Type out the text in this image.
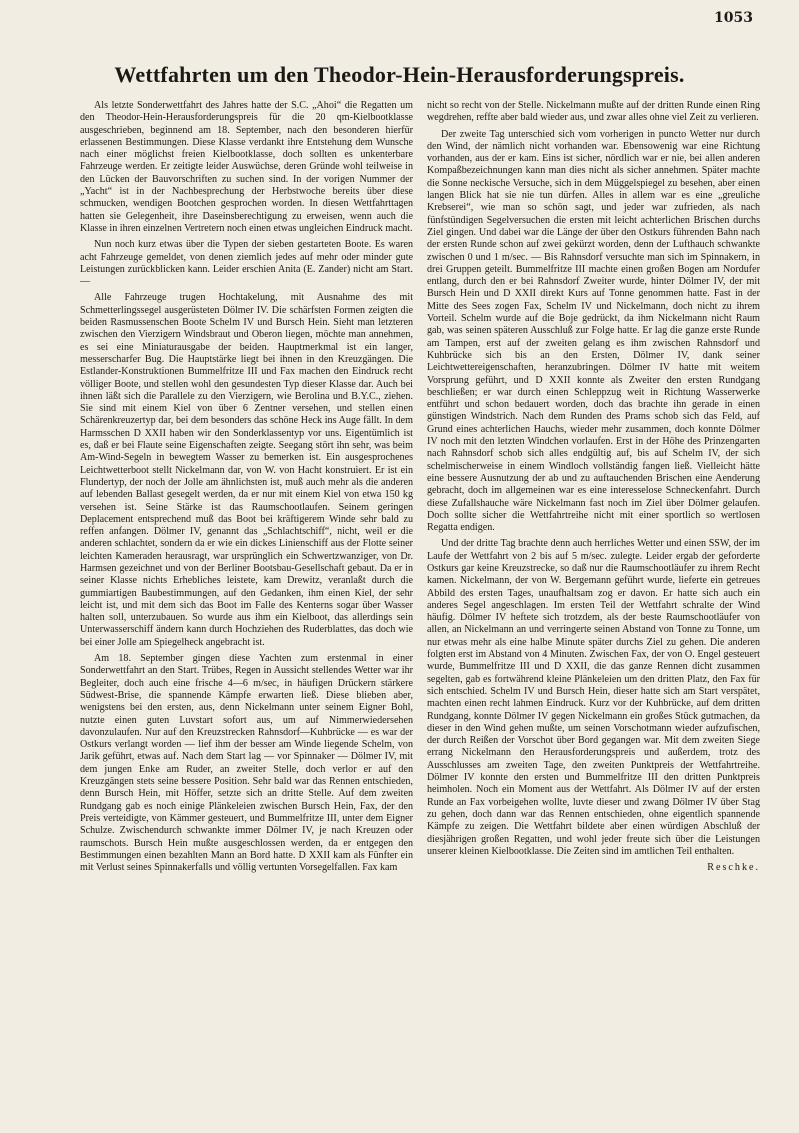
1053
Wettfahrten um den Theodor-Hein-Herausforderungspreis.

Als letzte Sonderwettfahrt des Jahres hatte der S.C. „Ahoi“ die Regatten um den Theodor-Hein-Herausforderungspreis für die 20 qm-Kielbootklasse ausgeschrieben, beginnend am 18. September, nach den besonderen hierfür erlassenen Bestimmungen. Diese Klasse verdankt ihre Entstehung dem Wunsche nach einer möglichst freien Kielbootklasse, doch sollten es unkenterbare Fahrzeuge werden. Er zeitigte leider Auswüchse, deren Gründe wohl teilweise in den Lücken der Bauvorschriften zu suchen sind. In der vorigen Nummer der „Yacht“ ist in der Nachbesprechung der Herbstwoche bereits über diese schmucken, wendigen Bootchen gesprochen worden. In diesen Wettfahrttagen hatten sie Gelegenheit, ihre Daseinsberechtigung zu erweisen, wenn auch die Klasse in ihren einzelnen Vertretern noch einen etwas ungleichen Eindruck macht.

Nun noch kurz etwas über die Typen der sieben gestarteten Boote. Es waren acht Fahrzeuge gemeldet, von denen ziemlich jedes auf mehr oder minder gute Leistungen zurückblicken kann. Leider erschien Anita (E. Zander) nicht am Start. —

Alle Fahrzeuge trugen Hochtakelung, mit Ausnahme des mit Schmetterlingssegel ausgerüsteten Dölmer IV. Die schärfsten Formen zeigten die beiden Rasmussenschen Boote Schelm IV und Bursch Hein. Sieht man letzteren zwischen den Vierzigern Windsbraut und Oberon liegen, möchte man annehmen, es sei eine Miniaturausgabe der beiden. Hauptmerkmal ist ein langer, messerscharfer Bug. Die Hauptstärke liegt bei ihnen in den Kreuzgängen. Die Estlander-Konstruktionen Bummelfritze III und Fax machen den Eindruck recht völliger Boote, und stellen wohl den gesundesten Typ dieser Klasse dar. Auch bei ihnen läßt sich die Parallele zu den Vierzigern, wie Berolina und B.Y.C., ziehen. Sie sind mit einem Kiel von über 6 Zentner versehen, und stellen einen Schärenkreuzertyp dar, bei dem besonders das schöne Heck ins Auge fällt. In dem Harmsschen D XXII haben wir den Sonderklassentyp vor uns. Eigentümlich ist es, daß er bei Flaute seine Eigenschaften zeigte. Seegang stört ihn sehr, was beim Am-Wind-Segeln in bewegtem Wasser zu bemerken ist. Ein ausgesprochenes Leichtwetterboot stellt Nickelmann dar, von W. von Hacht konstruiert. Er ist ein Flundertyp, der noch der Jolle am ähnlichsten ist, muß auch mehr als die anderen auf lebenden Ballast gesegelt werden, da er nur mit einem Kiel von etwa 150 kg versehen ist. Seine Stärke ist das Raumschootlaufen. Seinem geringen Deplacement entsprechend muß das Boot bei kräftigerem Winde sehr bald zu reffen anfangen. Dölmer IV, genannt das „Schlachtschiff“, nicht, weil er die anderen schlachtet, sondern da er wie ein dickes Linienschiff aus der Flotte seiner leichten Kameraden herausragt, war ursprünglich ein Schwertzwanziger, von Dr. Harmsen gezeichnet und von der Berliner Bootsbau-Gesellschaft gebaut. Da er in seiner Klasse nichts Erhebliches leistete, kam Drewitz, veranlaßt durch die gummiartigen Baubestimmungen, auf den Gedanken, ihm einen Kiel, der sehr leicht ist, und mit dem sich das Boot im Falle des Kenterns sogar über Wasser halten soll, unterzubauen. So wurde aus ihm ein Kielboot, das allerdings sein Unterwasserschiff ändern kann durch Hochziehen des Ruderblattes, das doch wie bei einer Jolle am Spiegelheck angebracht ist.

Am 18. September gingen diese Yachten zum erstenmal in einer Sonderwettfahrt an den Start. Trübes, Regen in Aussicht stellendes Wetter war ihr Begleiter, doch auch eine frische 4—6 m/sec, in häufigen Drückern stärkere Südwest-Brise, die spannende Kämpfe erwarten ließ. Diese blieben aber, wenigstens bei den ersten, aus, denn Nickelmann unter seinem Eigner Bohl, nutzte einen guten Luvstart sofort aus, um auf Nimmerwiedersehen davonzulaufen. Nur auf den Kreuzstrecken Rahnsdorf—Kuhbrücke — es war der Ostkurs verlangt worden — lief ihm der besser am Winde liegende Schelm, von Jarik geführt, etwas auf. Nach dem Start lag — vor Spinnaker — Dölmer IV, mit dem jungen Enke am Ruder, an zweiter Stelle, doch verlor er auf den Kreuzgängen stets seine bessere Position. Sehr bald war das Rennen entschieden, denn Bursch Hein, mit Höffer, setzte sich an dritte Stelle. Auf dem zweiten Rundgang gab es noch einige Plänkeleien zwischen Bursch Hein, Fax, der den Preis verteidigte, von Kämmer gesteuert, und Bummelfritze III, unter dem Eigner Schulze. Zwischendurch schwankte immer Dölmer IV, je nach Kreuzen oder raumschots. Bursch Hein mußte ausgeschlossen werden, da er entgegen den Bestimmungen einen bezahlten Mann an Bord hatte. D XXII kam als Fünfter ein mit Verlust seines Spinnakerfalls und völlig vertunten Vorsegelfallen. Fax kam

nicht so recht von der Stelle. Nickelmann mußte auf der dritten Runde einen Ring wegdrehen, reffte aber bald wieder aus, und zwar alles ohne viel Zeit zu verlieren.

Der zweite Tag unterschied sich vom vorherigen in puncto Wetter nur durch den Wind, der nämlich nicht vorhanden war. Ebensowenig war eine Richtung vorhanden, aus der er kam. Eins ist sicher, nördlich war er nie, bei allen anderen Kompaßbezeichnungen kann man dies nicht als sicher annehmen. Später machte die Sonne neckische Versuche, sich in dem Müggelspiegel zu besehen, aber einen langen Blick hat sie nie tun dürfen. Alles in allem war es eine „greuliche Krebserei“, wie man so schön sagt, und jeder war zufrieden, als nach fünfstündigen Segelversuchen die ersten mit leicht achterlichen Brischen durchs Ziel gingen. Und dabei war die Länge der über den Ostkurs führenden Bahn nach der ersten Runde schon auf zwei gekürzt worden, denn der Lufthauch schwankte zwischen 0 und 1 m/sec. — Bis Rahnsdorf versuchte man sich im Spinnakern, in drei Gruppen geteilt. Bummelfritze III machte einen großen Bogen am Nordufer entlang, durch den er bei Rahnsdorf Zweiter wurde, hinter Dölmer IV, der mit Bursch Hein und D XXII direkt Kurs auf Tonne genommen hatte. Fast in der Mitte des Sees zogen Fax, Schelm IV und Nickelmann, doch nicht zu ihrem Vorteil. Schelm wurde auf die Boje gedrückt, da ihm Nickelmann nicht Raum gab, was seinen späteren Ausschluß zur Folge hatte. Er lag die ganze erste Runde am Tampen, erst auf der zweiten gelang es ihm zwischen Rahnsdorf und Kuhbrücke sich bis an den Ersten, Dölmer IV, dank seiner Leichtwettereigenschaften, heranzubringen. Dölmer IV hatte mit weitem Vorsprung geführt, und D XXII konnte als Zweiter den ersten Rundgang beschließen; er war durch einen Schleppzug weit in Richtung Wasserwerke entführt und schon bedauert worden, doch das brachte ihn gerade in einen günstigen Windstrich. Nach dem Runden des Prams schob sich das Feld, auf Grund eines achterlichen Hauchs, wieder mehr zusammen, doch konnte Dölmer IV noch mit den letzten Windchen vorlaufen. Erst in der Höhe des Prinzengarten nach Rahnsdorf schob sich alles endgültig auf, bis auf Schelm IV, der sich schelmischerweise in einem Windloch vollständig fangen ließ. Vielleicht hätte eine bessere Ausnutzung der ab und zu auftauchenden Brischen eine Aenderung gebracht, doch im allgemeinen war es eine interesselose Schneckenfahrt. Durch diese Zufallshauche wäre Nickelmann fast noch im Ziel über Dölmer gelaufen. Doch sollte sicher die Wettfahrtreihe nicht mit einer sportlich so wertlosen Regatta endigen.

Und der dritte Tag brachte denn auch herrliches Wetter und einen SSW, der im Laufe der Wettfahrt von 2 bis auf 5 m/sec. zulegte. Leider ergab der geforderte Ostkurs gar keine Kreuzstrecke, so daß nur die Raumschootläufer zu ihrem Recht kamen. Nickelmann, der von W. Bergemann geführt wurde, lieferte ein getreues Abbild des ersten Tages, unaufhaltsam zog er davon. Er hatte sich auch ein anderes Segel angeschlagen. Im ersten Teil der Wettfahrt schralte der Wind häufig. Dölmer IV heftete sich trotzdem, als der beste Raumschootläufer von allen, an Nickelmann an und verringerte seinen Abstand von Tonne zu Tonne, um nur etwas mehr als eine halbe Minute später durchs Ziel zu gehen. Die anderen folgten erst im Abstand von 4 Minuten. Zwischen Fax, der von O. Engel gesteuert wurde, Bummelfritze III und D XXII, die das ganze Rennen dicht zusammen segelten, gab es fortwährend kleine Plänkeleien um den dritten Platz, den Fax für sich entschied. Schelm IV und Bursch Hein, dieser hatte sich am Start verspätet, machten einen recht lahmen Eindruck. Kurz vor der Kuhbrücke, auf dem dritten Rundgang, konnte Dölmer IV gegen Nickelmann ein großes Stück gutmachen, da dieser in den Wind gehen mußte, um seinen Vorschotmann wieder aufzufischen, der durch Reißen der Vorschot über Bord gegangen war. Mit dem zweiten Siege errang Nickelmann den Herausforderungspreis und außerdem, trotz des Ausschlusses am zweiten Tage, den zweiten Punktpreis der Wettfahrtreihe. Dölmer IV konnte den ersten und Bummelfritze III den dritten Punktpreis heimholen. Noch ein Moment aus der Wettfahrt. Als Dölmer IV auf der ersten Runde an Fax vorbeigehen wollte, luvte dieser und zwang Dölmer IV über Stag zu gehen, doch dann war das Rennen entschieden, ohne eigentlich spannende Kämpfe zu zeigen. Die Wettfahrt bildete aber einen würdigen Abschluß der diesjährigen großen Regatten, und wohl jeder freute sich über die Leistungen unserer kleinen Kielbootklasse. Die Zeiten sind im amtlichen Teil enthalten.

Reschke.
